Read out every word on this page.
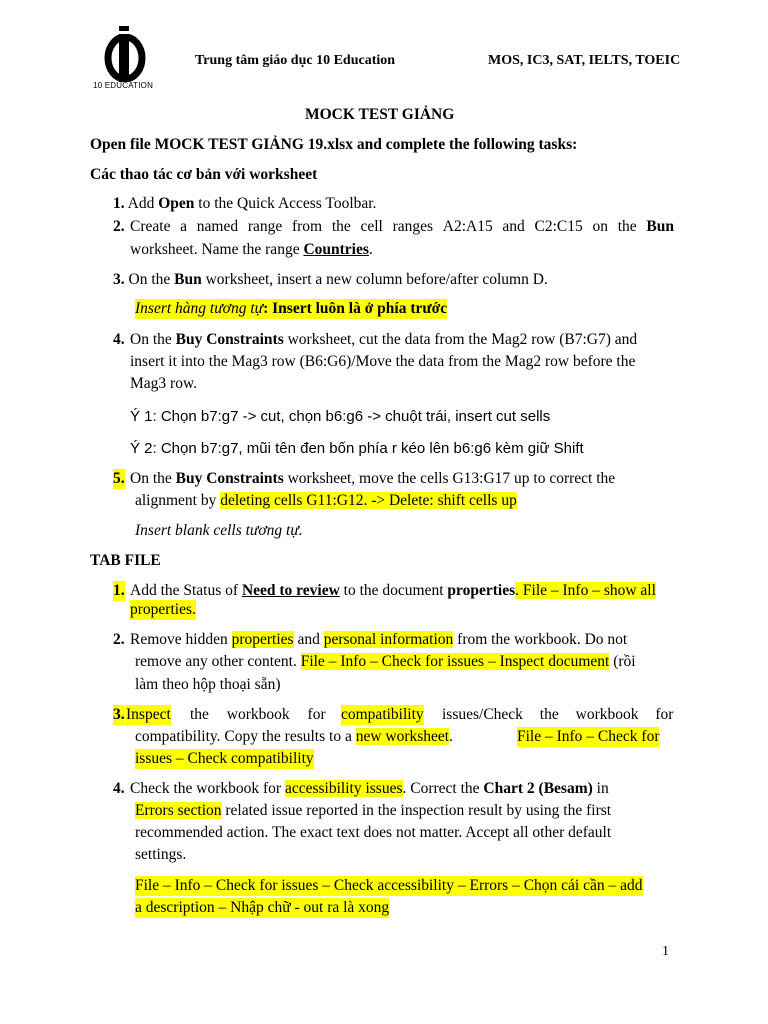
10 EDUCATION
Trung tâm giáo dục 10 Education	MOS, IC3, SAT, IELTS, TOEIC
MOCK TEST GIẢNG
Open file MOCK TEST GIẢNG 19.xlsx and complete the following tasks:
Các thao tác cơ bản với worksheet
1. Add Open to the Quick Access Toolbar.
2. Create a named range from the cell ranges A2:A15 and C2:C15 on the Bun
worksheet. Name the range Countries.
3. On the Bun worksheet, insert a new column before/after column D.
Insert hàng tương tự: Insert luôn là ở phía trước
4. On the Buy Constraints worksheet, cut the data from the Mag2 row (B7:G7) and
insert it into the Mag3 row (B6:G6)/Move the data from the Mag2 row before the
Mag3 row.
Ý 1: Chọn b7:g7 -> cut, chọn b6:g6 -> chuột trái, insert cut sells
Ý 2: Chọn b7:g7, mũi tên đen bốn phía r kéo lên b6:g6 kèm giữ Shift
5. On the Buy Constraints worksheet, move the cells G13:G17 up to correct the
alignment by deleting cells G11:G12. -> Delete: shift cells up
Insert blank cells tương tự.
TAB FILE
1. Add the Status of Need to review to the document properties. File – Info – show all
properties.
2. Remove hidden properties and personal information from the workbook. Do not
remove any other content. File – Info – Check for issues – Inspect document (rồi
làm theo hộp thoại sẵn)
3. Inspect the workbook for compatibility issues/Check the workbook for
compatibility. Copy the results to a new worksheet.	File – Info – Check for
issues – Check compatibility
4. Check the workbook for accessibility issues. Correct the Chart 2 (Besam) in
Errors section related issue reported in the inspection result by using the first
recommended action. The exact text does not matter. Accept all other default
settings.
File – Info – Check for issues – Check accessibility – Errors – Chọn cái cần – add
a description – Nhập chữ - out ra là xong
1
